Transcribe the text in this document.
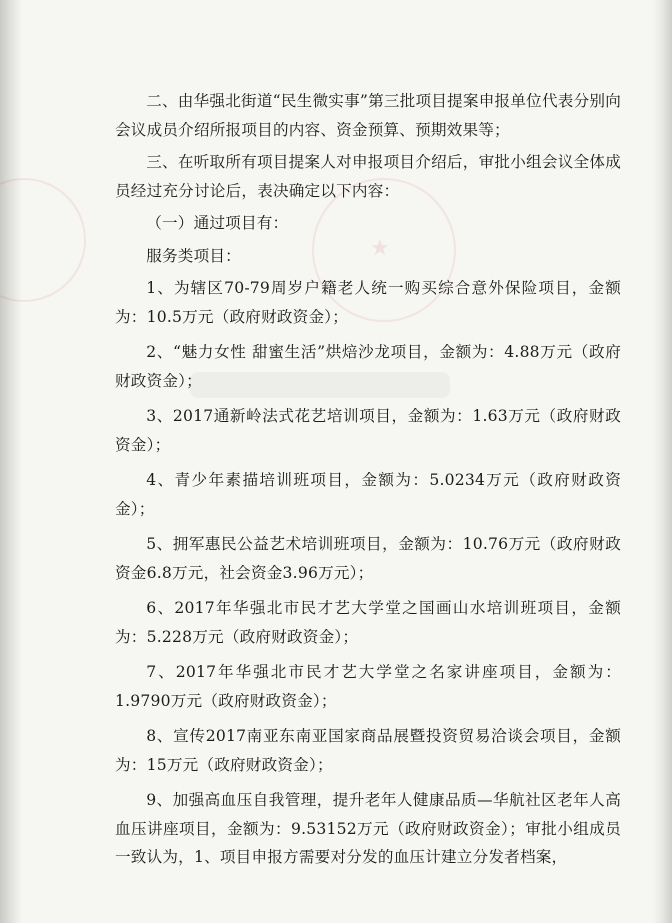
★

二、由华强北街道“民生微实事”第三批项目提案申报单位代表分别向会议成员介绍所报项目的内容、资金预算、预期效果等；

三、在听取所有项目提案人对申报项目介绍后，审批小组会议全体成员经过充分讨论后，表决确定以下内容：

（一）通过项目有：

服务类项目：

1、为辖区70-79周岁户籍老人统一购买综合意外保险项目，金额为：10.5万元（政府财政资金）；

2、“魅力女性 甜蜜生活”烘焙沙龙项目，金额为：4.88万元（政府财政资金）；

3、2017通新岭法式花艺培训项目，金额为：1.63万元（政府财政资金）；

4、青少年素描培训班项目，金额为：5.0234万元（政府财政资金）；

5、拥军惠民公益艺术培训班项目，金额为：10.76万元（政府财政资金6.8万元，社会资金3.96万元）；

6、2017年华强北市民才艺大学堂之国画山水培训班项目，金额为：5.228万元（政府财政资金）；

7、2017年华强北市民才艺大学堂之名家讲座项目，金额为：1.9790万元（政府财政资金）；

8、宣传2017南亚东南亚国家商品展暨投资贸易洽谈会项目，金额为：15万元（政府财政资金）；

9、加强高血压自我管理，提升老年人健康品质—华航社区老年人高血压讲座项目，金额为：9.53152万元（政府财政资金）；审批小组成员一致认为，1、项目申报方需要对分发的血压计建立分发者档案，
